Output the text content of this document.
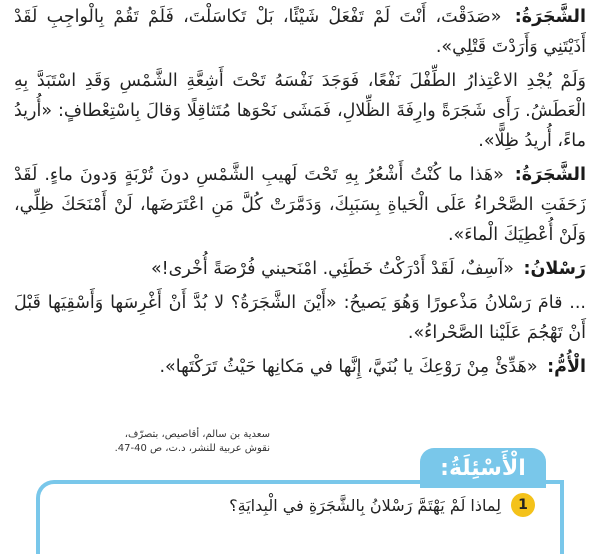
الشَّجَرَةُ: «صَدَقْتَ، أَنْتَ لَمْ تَفْعَلْ شَيْئًا، بَلْ تَكاسَلْتَ، فَلَمْ تَقُمْ بِالْواجِبِ لَقَدْ أَذَيْتَنِي وَأَرَدْتَ قَتْلِي».

وَلَمْ يُجْدِ الاعْتِذارُ الطِّفْلَ نَفْعًا، فَوَجَدَ نَفْسَهُ تَحْتَ أَشِعَّةِ الشَّمْسِ وَقَدِ اسْتَبَدَّ بِهِ الْعَطَشُ. رَأَى شَجَرَةً وارِفَةَ الظِّلالِ، فَمَشَى نَحْوَها مُتَثاقِلًا وَقالَ بِاسْتِعْطافٍ: «أُريدُ ماءً، أُريدُ ظِلًّا».

الشَّجَرَةُ: «هَذا ما كُنْتُ أَشْعُرُ بِهِ تَحْتَ لَهيبِ الشَّمْسِ دونَ تُرْبَةٍ وَدونَ ماءٍ. لَقَدْ زَحَفَتِ الصَّحْراءُ عَلَى الْحَياةِ بِسَبَبِكَ، وَدَمَّرَتْ كُلَّ مَنِ اعْتَرَضَها، لَنْ أَمْنَحَكَ ظِلِّي، وَلَنْ أُعْطِيَكَ الْماءَ».

رَسْلانُ: «آسِفٌ، لَقَدْ أَدْرَكْتُ خَطَئِي. امْنَحيني فُرْصَةً أُخْرى!»

... قامَ رَسْلانُ مَذْعورًا وَهُوَ يَصيحُ: «أَيْنَ الشَّجَرَةُ؟ لا بُدَّ أَنْ أَغْرِسَها وَأَسْقِيَها قَبْلَ أَنْ تَهْجُمَ عَلَيْنا الصَّحْراءُ».

الْأُمُّ: «هَدِّئْ مِنْ رَوْعِكَ يا بُنَيَّ، إِنَّها في مَكانِها حَيْثُ تَرَكْتَها».

سعدية بن سالم، أقاصيص، بتصرّف،
نقوش عربية للنشر، د.ت، ص 40-47.
الْأَسْئِلَةُ:
1
لِماذا لَمْ يَهْتَمَّ رَسْلانُ بِالشَّجَرَةِ في الْبِدايَةِ؟
